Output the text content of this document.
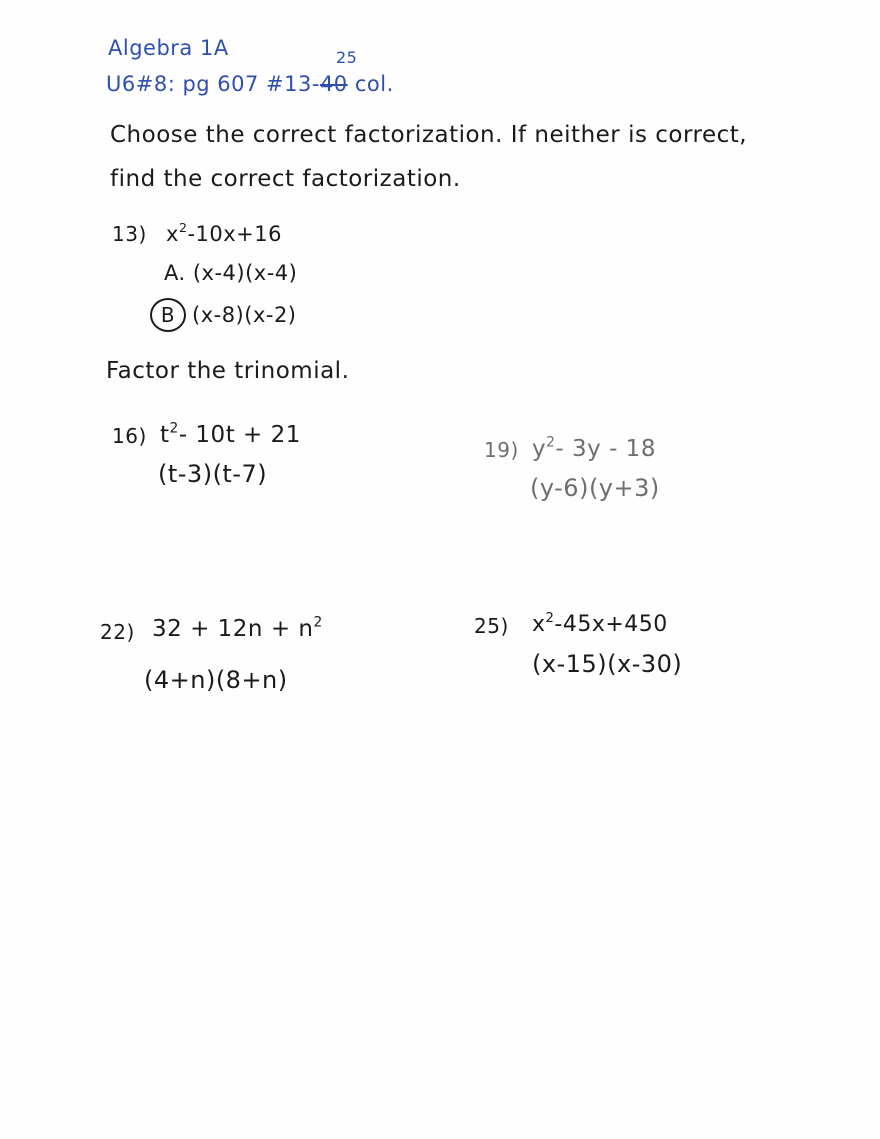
Algebra 1A
U6#8: pg 607 #13-40
25
col.
Choose the correct factorization. If neither is correct,
find the correct factorization.
13) $x^2-10x+16$
A. (x-4)(x-4)
B (x-8)(x-2)
Factor the trinomial.
16) $t^2-$ 10t + 21
(t-3)(t-7)
19) $y^2-$ 3y - 18
(y-6)(y+3)
22) $32 + 12n + n^2$
(4+n)(8+n)
25) $x^2-45x+450$
(x-15)(x-30)
